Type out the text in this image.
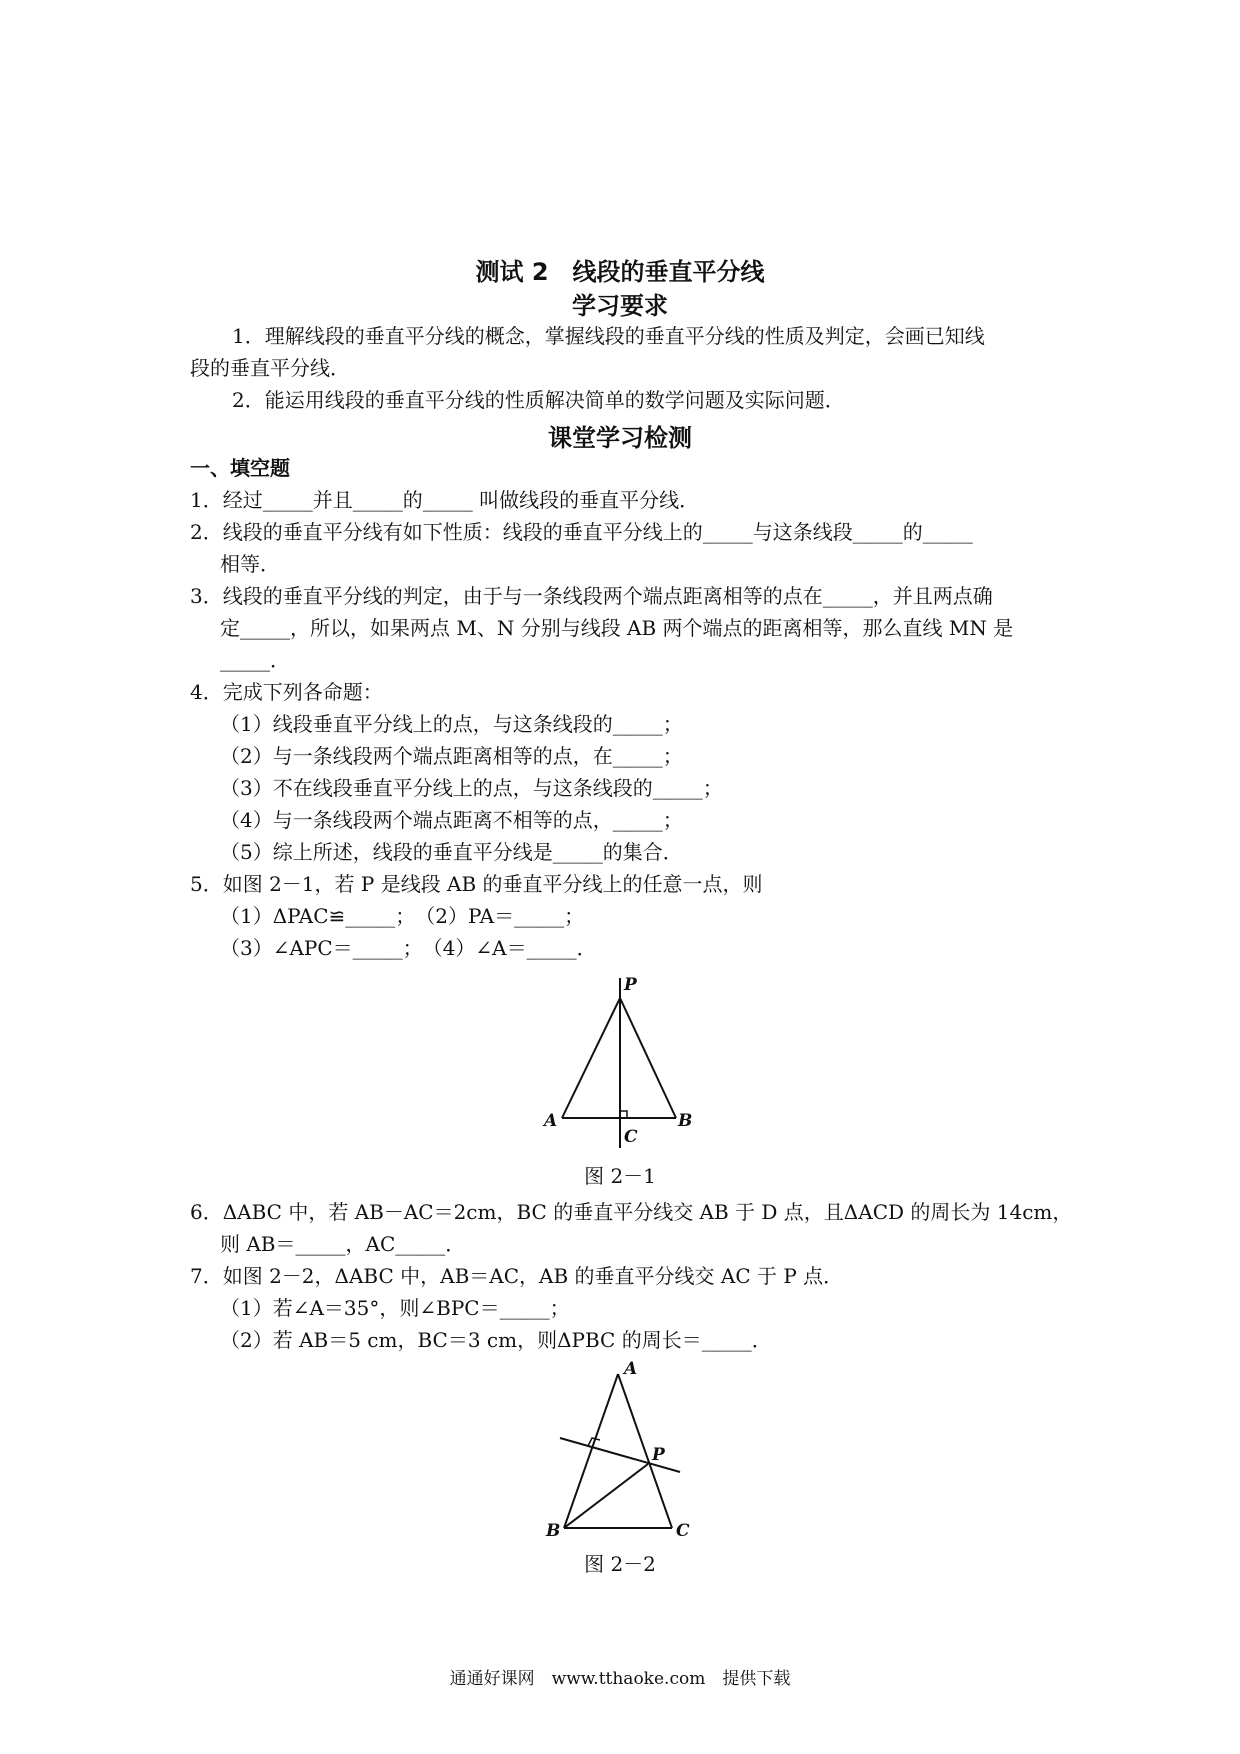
测试 2　线段的垂直平分线
学习要求
1．理解线段的垂直平分线的概念，掌握线段的垂直平分线的性质及判定，会画已知线
段的垂直平分线．
2．能运用线段的垂直平分线的性质解决简单的数学问题及实际问题．
课堂学习检测
一、填空题
1．经过_____并且_____的_____ 叫做线段的垂直平分线．
2．线段的垂直平分线有如下性质：线段的垂直平分线上的_____与这条线段_____的_____
相等．
3．线段的垂直平分线的判定，由于与一条线段两个端点距离相等的点在_____，并且两点确
定_____，所以，如果两点 M、N 分别与线段 AB 两个端点的距离相等，那么直线 MN 是
_____．
4．完成下列各命题：
（1）线段垂直平分线上的点，与这条线段的_____；
（2）与一条线段两个端点距离相等的点，在_____；
（3）不在线段垂直平分线上的点，与这条线段的_____；
（4）与一条线段两个端点距离不相等的点，_____；
（5）综上所述，线段的垂直平分线是_____的集合．
5．如图 2－1，若 P 是线段 AB 的垂直平分线上的任意一点，则
（1）ΔPAC≌_____；　（2）PA＝_____；
（3）∠APC＝_____；　（4）∠A＝_____．
P
A	B
C
图 2－1
6．ΔABC 中，若 AB－AC＝2cm，BC 的垂直平分线交 AB 于 D 点，且ΔACD 的周长为 14cm，
则 AB＝_____，AC_____．
7．如图 2－2，ΔABC 中，AB＝AC，AB 的垂直平分线交 AC 于 P 点．
（1）若∠A＝35°，则∠BPC＝_____；
（2）若 AB＝5 cm，BC＝3 cm，则ΔPBC 的周长＝_____．
A
B	C
P
图 2－2
通通好课网　www.tthaoke.com　提供下载
